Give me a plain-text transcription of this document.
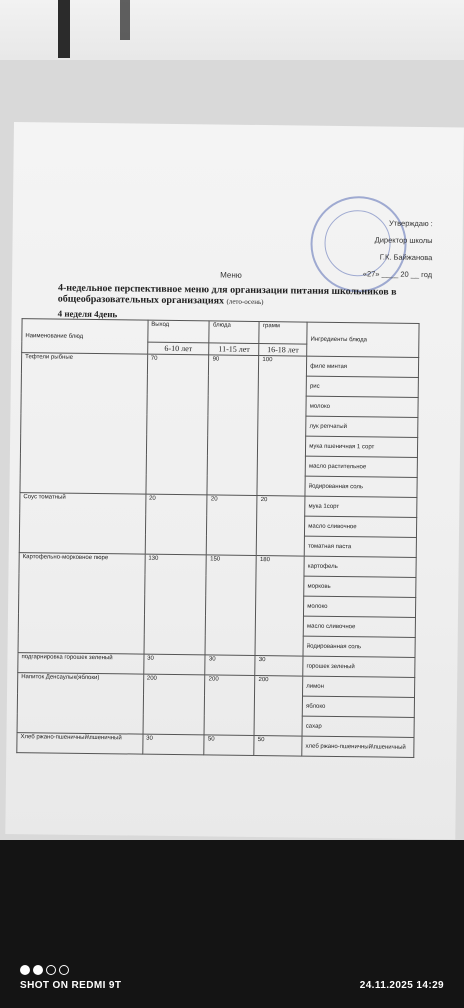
Утверждаю :
Директор школы
Г.К. Байжанова
«27» ____ 20 __ год
Меню
4-недельное перспективное меню для организации питания школьников в общеобразовательных организациях (лето-осень)
4 неделя 4день
Наименование блюд	Выход	блюда	грамм	Ингредиенты блюда
	6-10 лет	11-15 лет	16-18 лет	
Тефтели рыбные	70	90	100	филе минтая
				рис
				молоко
				лук репчатый
				мука пшеничная 1 сорт
				масло растительное
				йодированная соль
Соус томатный	20	20	20	мука 1сорт
				масло сливочное
				томатная паста
Картофельно-морковное пюре	130	150	180	картофель
				морковь
				молоко
				масло сливочное
				йодированная соль
подгарнировка горошек зеленый	30	30	30	горошек зеленый
Напиток Денсаулык(яблоки)	200	200	200	лимон
				яблоко
				сахар
Хлеб ржано-пшеничный\пшеничный	30	50	50	хлеб ржано-пшеничный\пшеничный
SHOT ON REDMI 9T	24.11.2025 14:29
